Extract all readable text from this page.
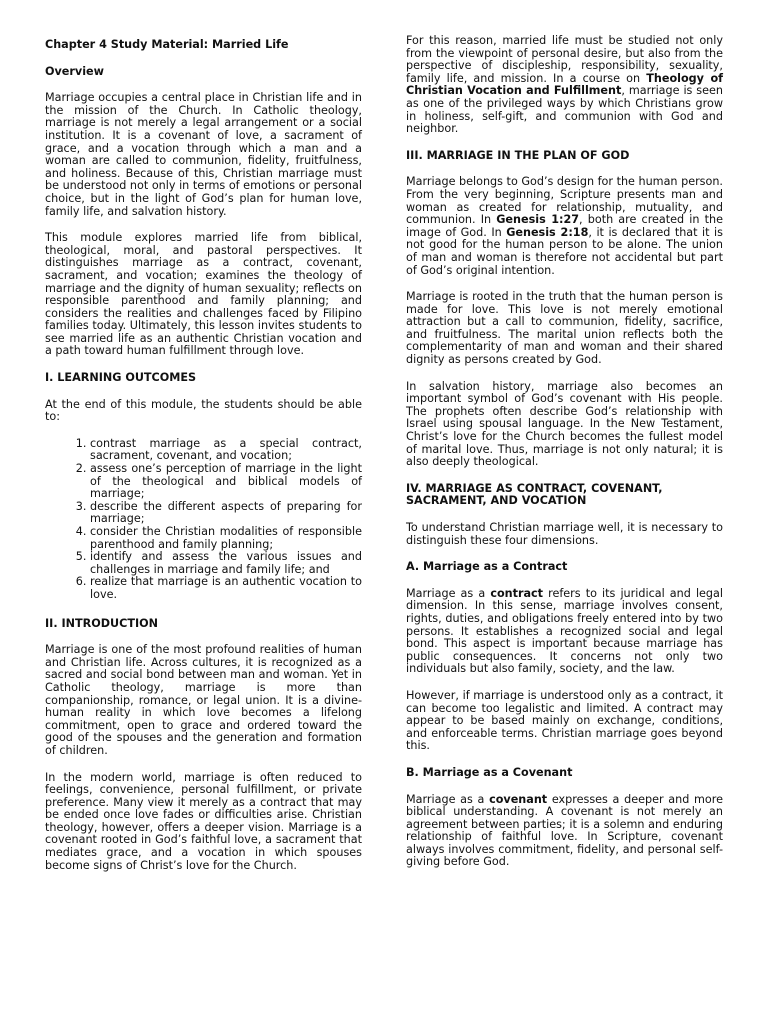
Chapter 4 Study Material: Married Life
Overview

Marriage occupies a central place in Christian life and in the mission of the Church. In Catholic theology, marriage is not merely a legal arrangement or a social institution. It is a covenant of love, a sacrament of grace, and a vocation through which a man and a woman are called to communion, fidelity, fruitfulness, and holiness. Because of this, Christian marriage must be understood not only in terms of emotions or personal choice, but in the light of God’s plan for human love, family life, and salvation history.

This module explores married life from biblical, theological, moral, and pastoral perspectives. It distinguishes marriage as a contract, covenant, sacrament, and vocation; examines the theology of marriage and the dignity of human sexuality; reflects on responsible parenthood and family planning; and considers the realities and challenges faced by Filipino families today. Ultimately, this lesson invites students to see married life as an authentic Christian vocation and a path toward human fulfillment through love.

I. LEARNING OUTCOMES

At the end of this module, the students should be able to:

1. contrast marriage as a special contract, sacrament, covenant, and vocation;
2. assess one’s perception of marriage in the light of the theological and biblical models of marriage;
3. describe the different aspects of preparing for marriage;
4. consider the Christian modalities of responsible parenthood and family planning;
5. identify and assess the various issues and challenges in marriage and family life; and
6. realize that marriage is an authentic vocation to love.
II. INTRODUCTION

Marriage is one of the most profound realities of human and Christian life. Across cultures, it is recognized as a sacred and social bond between man and woman. Yet in Catholic theology, marriage is more than companionship, romance, or legal union. It is a divine-human reality in which love becomes a lifelong commitment, open to grace and ordered toward the good of the spouses and the generation and formation of children.

In the modern world, marriage is often reduced to feelings, convenience, personal fulfillment, or private preference. Many view it merely as a contract that may be ended once love fades or difficulties arise. Christian theology, however, offers a deeper vision. Marriage is a covenant rooted in God’s faithful love, a sacrament that mediates grace, and a vocation in which spouses become signs of Christ’s love for the Church.

For this reason, married life must be studied not only from the viewpoint of personal desire, but also from the perspective of discipleship, responsibility, sexuality, family life, and mission. In a course on Theology of Christian Vocation and Fulfillment, marriage is seen as one of the privileged ways by which Christians grow in holiness, self-gift, and communion with God and neighbor.

III. MARRIAGE IN THE PLAN OF GOD

Marriage belongs to God’s design for the human person. From the very beginning, Scripture presents man and woman as created for relationship, mutuality, and communion. In Genesis 1:27, both are created in the image of God. In Genesis 2:18, it is declared that it is not good for the human person to be alone. The union of man and woman is therefore not accidental but part of God’s original intention.

Marriage is rooted in the truth that the human person is made for love. This love is not merely emotional attraction but a call to communion, fidelity, sacrifice, and fruitfulness. The marital union reflects both the complementarity of man and woman and their shared dignity as persons created by God.

In salvation history, marriage also becomes an important symbol of God’s covenant with His people. The prophets often describe God’s relationship with Israel using spousal language. In the New Testament, Christ’s love for the Church becomes the fullest model of marital love. Thus, marriage is not only natural; it is also deeply theological.

IV. MARRIAGE AS CONTRACT, COVENANT, SACRAMENT, AND VOCATION

To understand Christian marriage well, it is necessary to distinguish these four dimensions.

A. Marriage as a Contract

Marriage as a contract refers to its juridical and legal dimension. In this sense, marriage involves consent, rights, duties, and obligations freely entered into by two persons. It establishes a recognized social and legal bond. This aspect is important because marriage has public consequences. It concerns not only two individuals but also family, society, and the law.

However, if marriage is understood only as a contract, it can become too legalistic and limited. A contract may appear to be based mainly on exchange, conditions, and enforceable terms. Christian marriage goes beyond this.

B. Marriage as a Covenant

Marriage as a covenant expresses a deeper and more biblical understanding. A covenant is not merely an agreement between parties; it is a solemn and enduring relationship of faithful love. In Scripture, covenant always involves commitment, fidelity, and personal self-giving before God.
